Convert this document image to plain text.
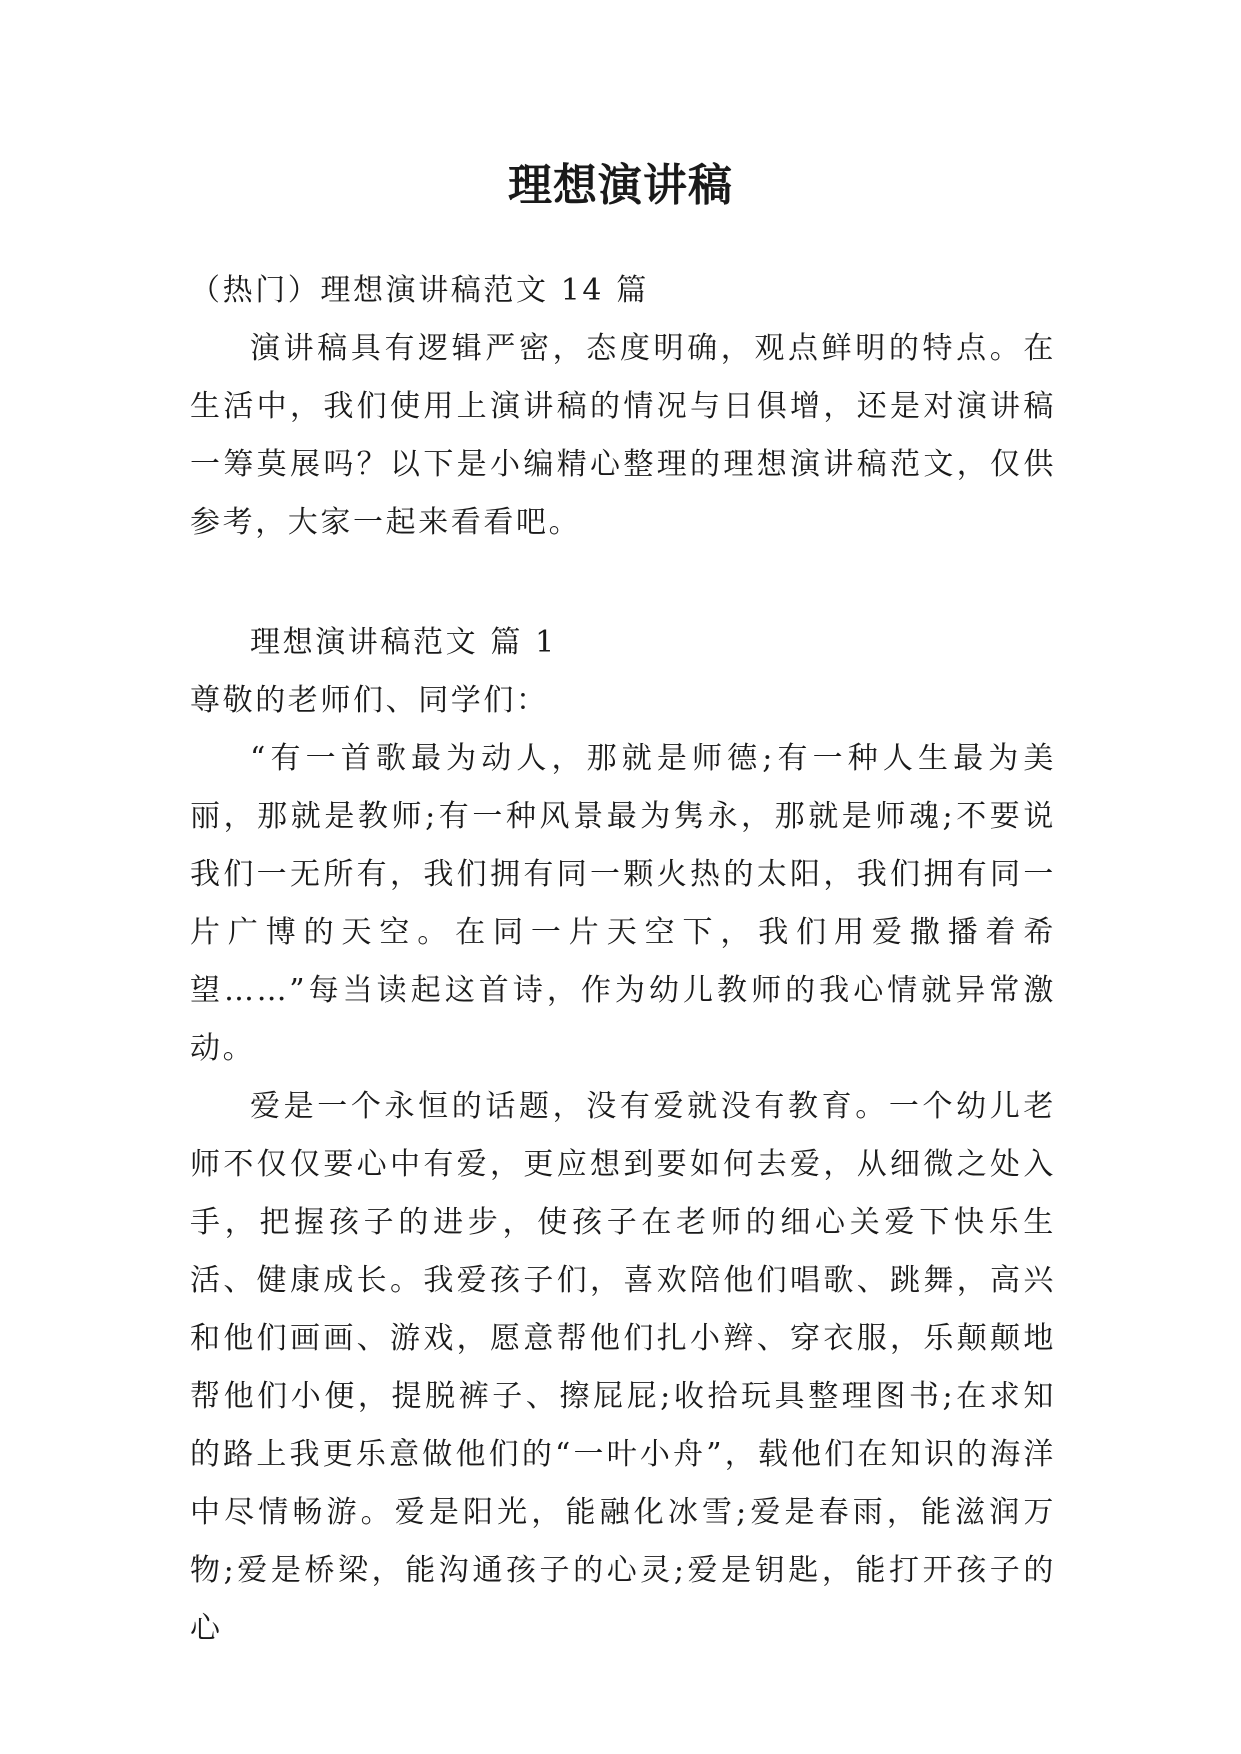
理想演讲稿

（热门）理想演讲稿范文 14 篇

演讲稿具有逻辑严密，态度明确，观点鲜明的特点。在生活中，我们使用上演讲稿的情况与日俱增，还是对演讲稿一筹莫展吗？以下是小编精心整理的理想演讲稿范文，仅供参考，大家一起来看看吧。

理想演讲稿范文 篇 1

尊敬的老师们、同学们：

“有一首歌最为动人，那就是师德;有一种人生最为美丽，那就是教师;有一种风景最为隽永，那就是师魂;不要说我们一无所有，我们拥有同一颗火热的太阳，我们拥有同一片广博的天空。在同一片天空下，我们用爱撒播着希望……”每当读起这首诗，作为幼儿教师的我心情就异常激动。

爱是一个永恒的话题，没有爱就没有教育。一个幼儿老师不仅仅要心中有爱，更应想到要如何去爱，从细微之处入手，把握孩子的进步，使孩子在老师的细心关爱下快乐生活、健康成长。我爱孩子们，喜欢陪他们唱歌、跳舞，高兴和他们画画、游戏，愿意帮他们扎小辫、穿衣服，乐颠颠地帮他们小便，提脱裤子、擦屁屁;收拾玩具整理图书;在求知的路上我更乐意做他们的“一叶小舟”，载他们在知识的海洋中尽情畅游。爱是阳光，能融化冰雪;爱是春雨，能滋润万物;爱是桥梁，能沟通孩子的心灵;爱是钥匙，能打开孩子的心
